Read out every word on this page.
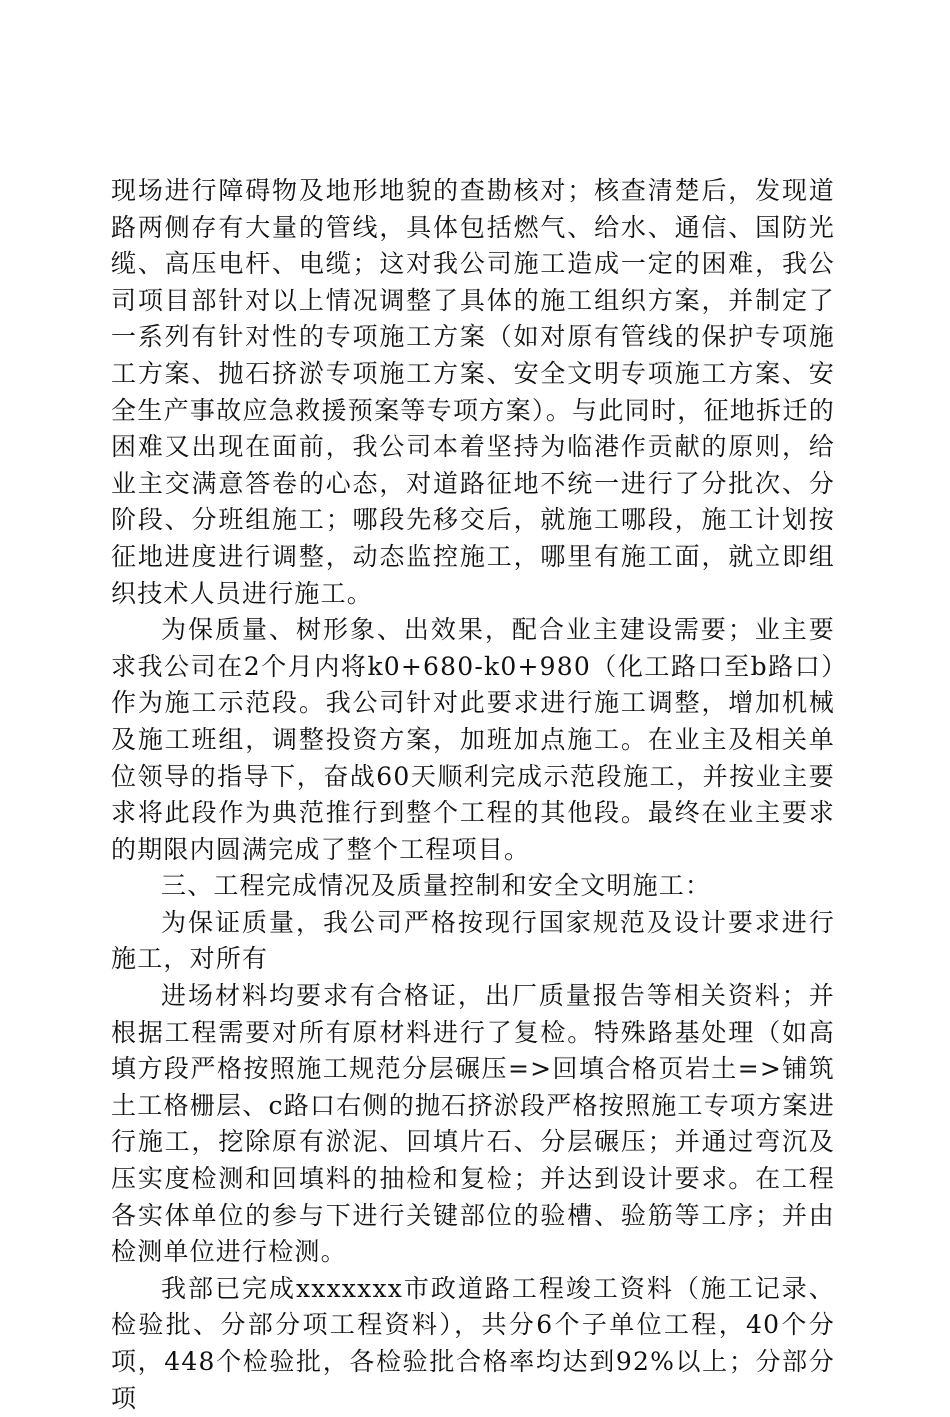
现场进行障碍物及地形地貌的查勘核对；核查清楚后，发现道路两侧存有大量的管线，具体包括燃气、给水、通信、国防光缆、高压电杆、电缆；这对我公司施工造成一定的困难，我公司项目部针对以上情况调整了具体的施工组织方案，并制定了一系列有针对性的专项施工方案（如对原有管线的保护专项施工方案、抛石挤淤专项施工方案、安全文明专项施工方案、安全生产事故应急救援预案等专项方案）。与此同时，征地拆迁的困难又出现在面前，我公司本着坚持为临港作贡献的原则，给业主交满意答卷的心态，对道路征地不统一进行了分批次、分阶段、分班组施工；哪段先移交后，就施工哪段，施工计划按征地进度进行调整，动态监控施工，哪里有施工面，就立即组织技术人员进行施工。

为保质量、树形象、出效果，配合业主建设需要；业主要求我公司在2个月内将k0+680-k0+980（化工路口至b路口）作为施工示范段。我公司针对此要求进行施工调整，增加机械及施工班组，调整投资方案，加班加点施工。在业主及相关单位领导的指导下，奋战60天顺利完成示范段施工，并按业主要求将此段作为典范推行到整个工程的其他段。最终在业主要求的期限内圆满完成了整个工程项目。

三、工程完成情况及质量控制和安全文明施工：

为保证质量，我公司严格按现行国家规范及设计要求进行施工，对所有

进场材料均要求有合格证，出厂质量报告等相关资料；并根据工程需要对所有原材料进行了复检。特殊路基处理（如高填方段严格按照施工规范分层碾压=>回填合格页岩土=>铺筑土工格栅层、c路口右侧的抛石挤淤段严格按照施工专项方案进行施工，挖除原有淤泥、回填片石、分层碾压；并通过弯沉及压实度检测和回填料的抽检和复检；并达到设计要求。在工程各实体单位的参与下进行关键部位的验槽、验筋等工序；并由检测单位进行检测。

我部已完成xxxxxxx市政道路工程竣工资料（施工记录、检验批、分部分项工程资料），共分6个子单位工程，40个分项，448个检验批，各检验批合格率均达到92%以上；分部分项
